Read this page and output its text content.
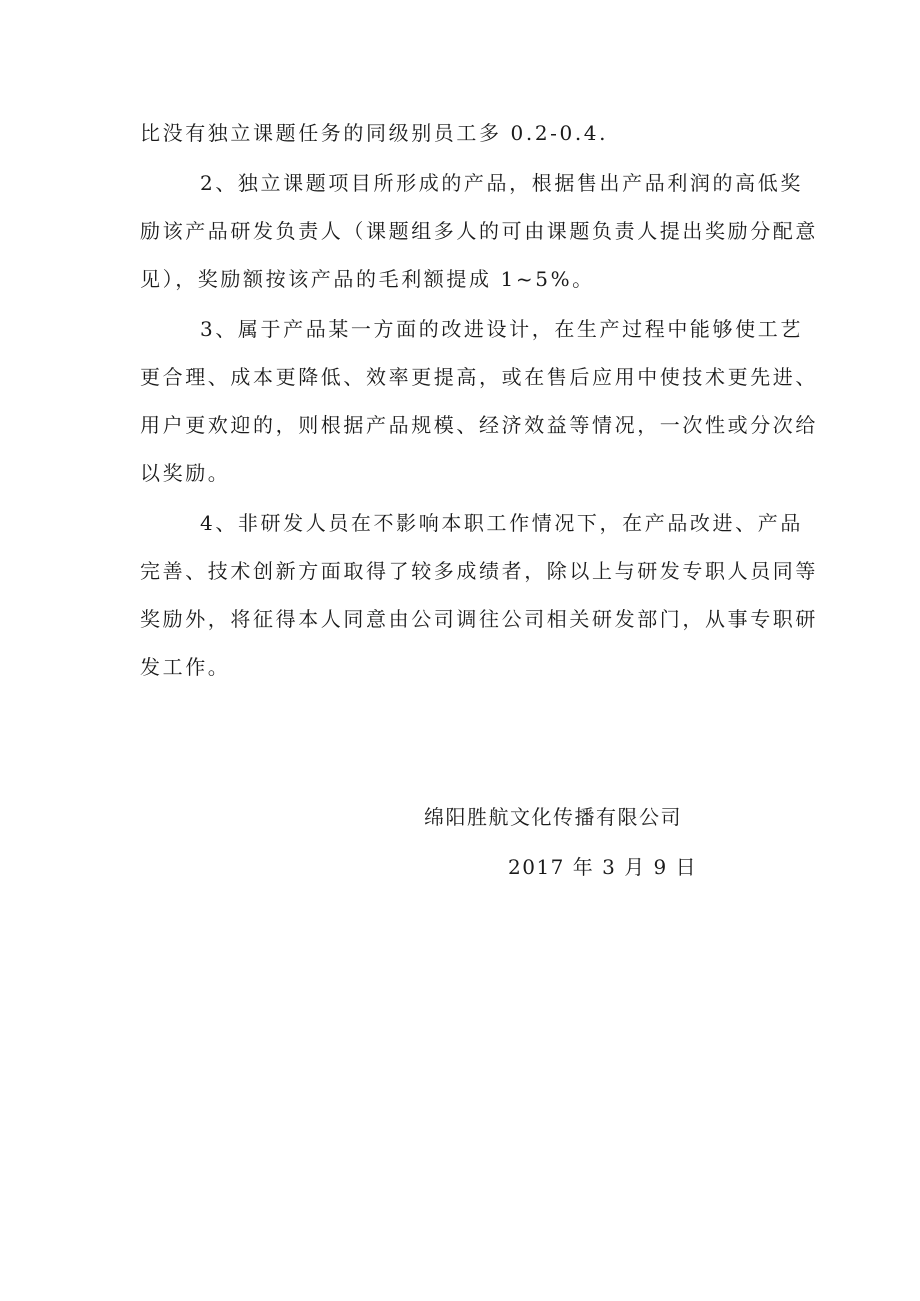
比没有独立课题任务的同级别员工多 0.2-0.4.
2、独立课题项目所形成的产品，根据售出产品利润的高低奖
励该产品研发负责人（课题组多人的可由课题负责人提出奖励分配意
见），奖励额按该产品的毛利额提成 1~5%。
3、属于产品某一方面的改进设计，在生产过程中能够使工艺
更合理、成本更降低、效率更提高，或在售后应用中使技术更先进、
用户更欢迎的，则根据产品规模、经济效益等情况，一次性或分次给
以奖励。
4、非研发人员在不影响本职工作情况下，在产品改进、产品
完善、技术创新方面取得了较多成绩者，除以上与研发专职人员同等
奖励外，将征得本人同意由公司调往公司相关研发部门，从事专职研
发工作。
绵阳胜航文化传播有限公司
2017 年 3 月 9 日
